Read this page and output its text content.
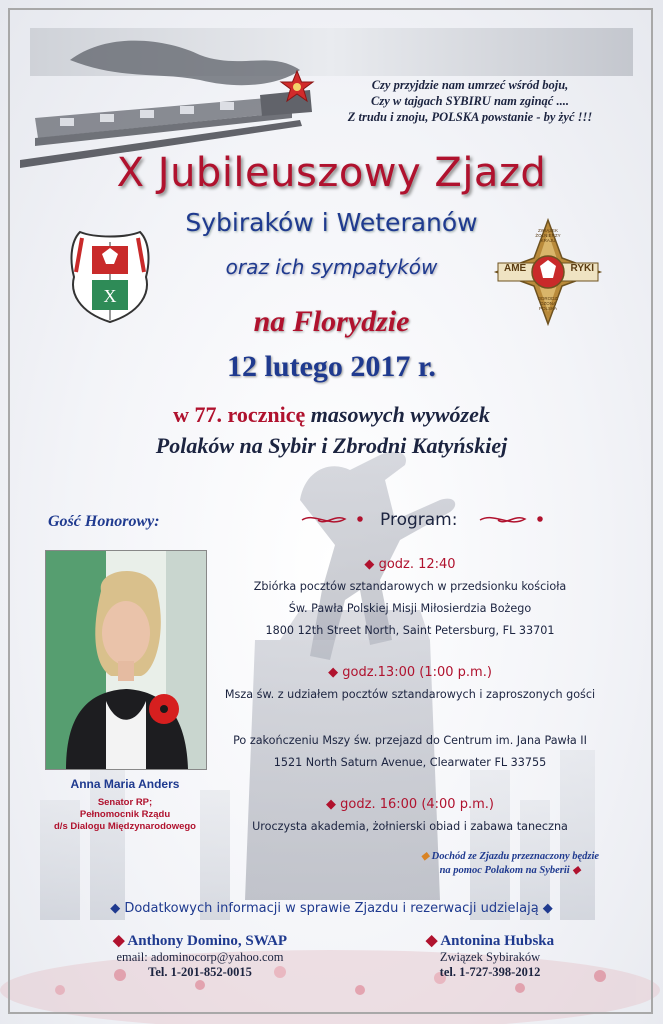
X
Czy przyjdzie nam umrzeć wśród boju,
Czy w tajgach SYBIRU nam zginąć ....
Z trudu i znoju, POLSKA powstanie - by żyć !!!
AME	RYKI
ZWIĄZEK
ŻOŁNIERZY
KRAJU
ODRODZ.
OZONA
POLSKA
X Jubileuszowy Zjazd
Sybiraków i Weteranów
oraz ich sympatyków
na Florydzie
12 lutego 2017 r.
w 77. rocznicę masowych wywózek
Polaków na Sybir i Zbrodni Katyńskiej
Gość Honorowy:
Anna Maria Anders
Senator RP;
Pełnomocnik Rządu
d/s Dialogu Międzynarodowego
Program:
◆ godz. 12:40
Zbiórka pocztów sztandarowych w przedsionku kościoła
Św. Pawła Polskiej Misji Miłosierdzia Bożego
1800 12th Street North, Saint Petersburg, FL 33701
◆ godz.13:00 (1:00 p.m.)
Msza św. z udziałem pocztów sztandarowych i zaproszonych gości
Po zakończeniu Mszy św. przejazd do Centrum im. Jana Pawła II
1521 North Saturn Avenue, Clearwater FL 33755
◆ godz. 16:00 (4:00 p.m.)
Uroczysta akademia, żołnierski obiad i zabawa taneczna
◆ Dochód ze Zjazdu przeznaczony będzie
na pomoc Polakom na Syberii ◆
◆ Dodatkowych informacji w sprawie Zjazdu i rezerwacji udzielają ◆
◆ Anthony Domino, SWAP
email: adominocorp@yahoo.com
Tel. 1-201-852-0015
◆ Antonina Hubska
Związek Sybiraków
tel. 1-727-398-2012
